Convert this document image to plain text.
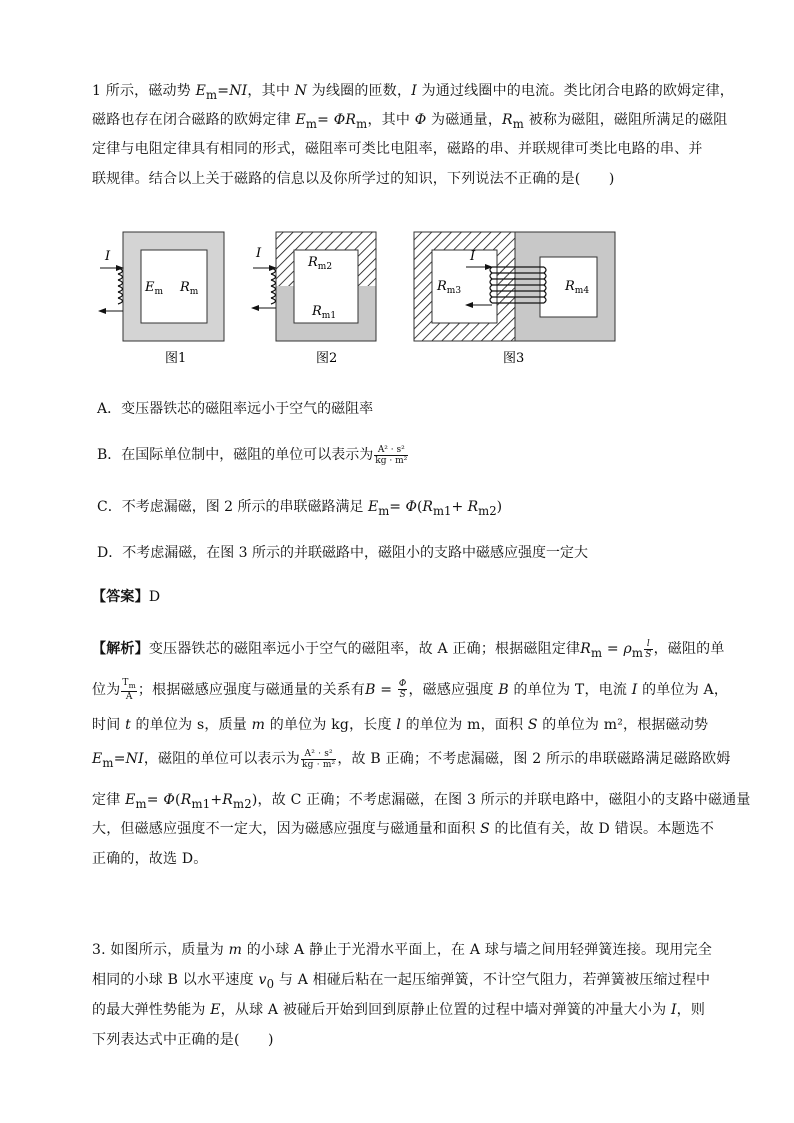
1 所示，磁动势 $E_m=NI$，其中 N 为线圈的匝数，I 为通过线圈中的电流。类比闭合电路的欧姆定律，
磁路也存在闭合磁路的欧姆定律 $E_m= \Phi R_m$，其中 Φ 为磁通量，$R_m$ 被称为磁阻，磁阻所满足的磁阻
定律与电阻定律具有相同的形式，磁阻率可类比电阻率，磁路的串、并联规律可类比电路的串、并
联规律。结合以上关于磁路的信息以及你所学过的知识，下列说法不正确的是(　　)
I
$E_m$ $R_m$
图1
I
$R_{m2}$
$R_{m1}$
图2
I
$R_{m3}$	$R_{m4}$
图3
A．变压器铁芯的磁阻率远小于空气的磁阻率
B．在国际单位制中，磁阻的单位可以表示为 $\frac{\text{A² · s²}}{\text{kg · m²}}$
C．不考虑漏磁，图 2 所示的串联磁路满足 $E_m= \Phi(R_{m1}+ R_{m2})$
D．不考虑漏磁，在图 3 所示的并联磁路中，磁阻小的支路中磁感应强度一定大
【答案】D
【解析】变压器铁芯的磁阻率远小于空气的磁阻率，故 A 正确；根据磁阻定律$R_m = \rho_m \frac{l}{S}$ ，磁阻的单
位为 $\frac{T_m}{A}$ ；根据磁感应强度与磁通量的关系有$B = \frac{\Phi}{S}$ ，磁感应强度 B 的单位为 T，电流 I 的单位为 A，
时间 t 的单位为 s，质量 m 的单位为 kg，长度 l 的单位为 m，面积 S 的单位为 m²，根据磁动势
$E_m=NI$，磁阻的单位可以表示为 $\frac{\text{A² · s²}}{\text{kg · m²}}$ ，故 B 正确；不考虑漏磁，图 2 所示的串联磁路满足磁路欧姆
定律 $E_m= \Phi(R_{m1}+R_{m2})$，故 C 正确；不考虑漏磁，在图 3 所示的并联电路中，磁阻小的支路中磁通量
大，但磁感应强度不一定大，因为磁感应强度与磁通量和面积 S 的比值有关，故 D 错误。本题选不
正确的，故选 D。
3. 如图所示，质量为 m 的小球 A 静止于光滑水平面上，在 A 球与墙之间用轻弹簧连接。现用完全
相同的小球 B 以水平速度 $v_0$ 与 A 相碰后粘在一起压缩弹簧，不计空气阻力，若弹簧被压缩过程中
的最大弹性势能为 E，从球 A 被碰后开始到回到原静止位置的过程中墙对弹簧的冲量大小为 I，则
下列表达式中正确的是(　　)
